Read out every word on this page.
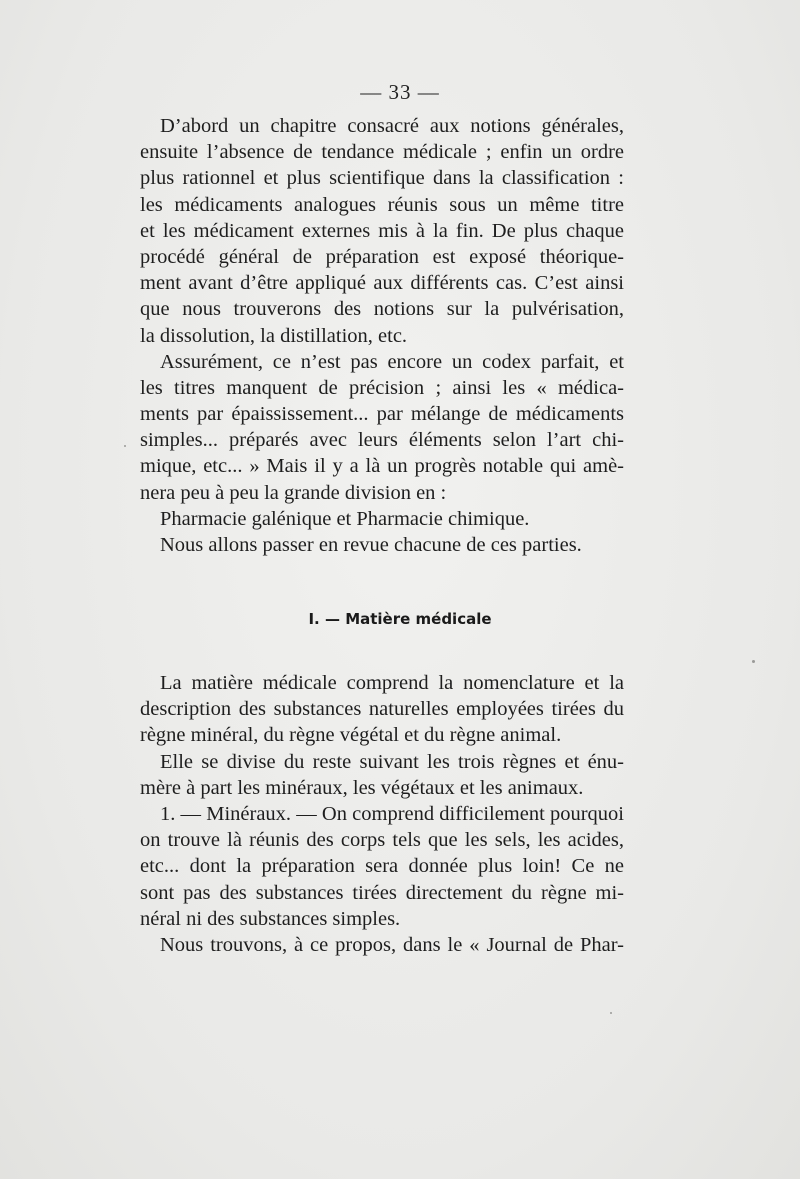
— 33 —
D’abord un chapitre consacré aux notions générales,
ensuite l’absence de tendance médicale ; enfin un ordre
plus rationnel et plus scientifique dans la classification :
les médicaments analogues réunis sous un même titre
et les médicament externes mis à la fin. De plus chaque
procédé général de préparation est exposé théorique-
ment avant d’être appliqué aux différents cas. C’est ainsi
que nous trouverons des notions sur la pulvérisation,
la dissolution, la distillation, etc.
Assurément, ce n’est pas encore un codex parfait, et
les titres manquent de précision ; ainsi les « médica-
ments par épaississement... par mélange de médicaments
simples... préparés avec leurs éléments selon l’art chi-
mique, etc... » Mais il y a là un progrès notable qui amè-
nera peu à peu la grande division en :
Pharmacie galénique et Pharmacie chimique.
Nous allons passer en revue chacune de ces parties.
I. — Matière médicale
La matière médicale comprend la nomenclature et la
description des substances naturelles employées tirées du
règne minéral, du règne végétal et du règne animal.
Elle se divise du reste suivant les trois règnes et énu-
mère à part les minéraux, les végétaux et les animaux.
1. — Minéraux. — On comprend difficilement pourquoi
on trouve là réunis des corps tels que les sels, les acides,
etc... dont la préparation sera donnée plus loin! Ce ne
sont pas des substances tirées directement du règne mi-
néral ni des substances simples.
Nous trouvons, à ce propos, dans le « Journal de Phar-
